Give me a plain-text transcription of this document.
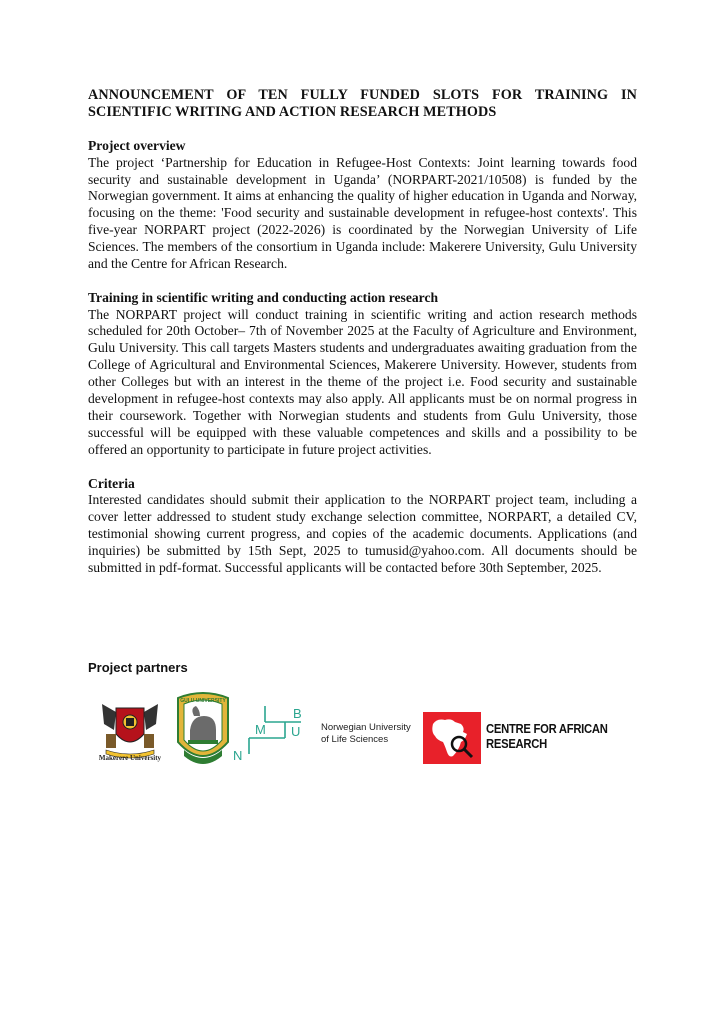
ANNOUNCEMENT OF TEN FULLY FUNDED SLOTS FOR TRAINING IN SCIENTIFIC WRITING AND ACTION RESEARCH METHODS

Project overview

The project ‘Partnership for Education in Refugee-Host Contexts: Joint learning towards food security and sustainable development in Uganda’ (NORPART-2021/10508) is funded by the Norwegian government. It aims at enhancing the quality of higher education in Uganda and Norway, focusing on the theme: 'Food security and sustainable development in refugee-host contexts'. This five-year NORPART project (2022-2026) is coordinated by the Norwegian University of Life Sciences. The members of the consortium in Uganda include: Makerere University, Gulu University and the Centre for African Research.

Training in scientific writing and conducting action research

The NORPART project will conduct training in scientific writing and action research methods scheduled for 20th October– 7th of November 2025 at the Faculty of Agriculture and Environment, Gulu University. This call targets Masters students and undergraduates awaiting graduation from the College of Agricultural and Environmental Sciences, Makerere University. However, students from other Colleges but with an interest in the theme of the project i.e. Food security and sustainable development in refugee-host contexts may also apply. All applicants must be on normal progress in their coursework. Together with Norwegian students and students from Gulu University, those successful will be equipped with these valuable competences and skills and a possibility to be offered an opportunity to participate in future project activities.

Criteria

Interested candidates should submit their application to the NORPART project team, including a cover letter addressed to student study exchange selection committee, NORPART, a detailed CV, testimonial showing current progress, and copies of the academic documents. Applications (and inquiries) be submitted by 15th Sept, 2025 to tumusid@yahoo.com. All documents should be submitted in pdf-format. Successful applicants will be contacted before 30th September, 2025.

Project partners
Makerere University
GULU UNIVERSITY
B
U
M
N
Norwegian University
of Life Sciences
CENTRE FOR AFRICAN
RESEARCH
